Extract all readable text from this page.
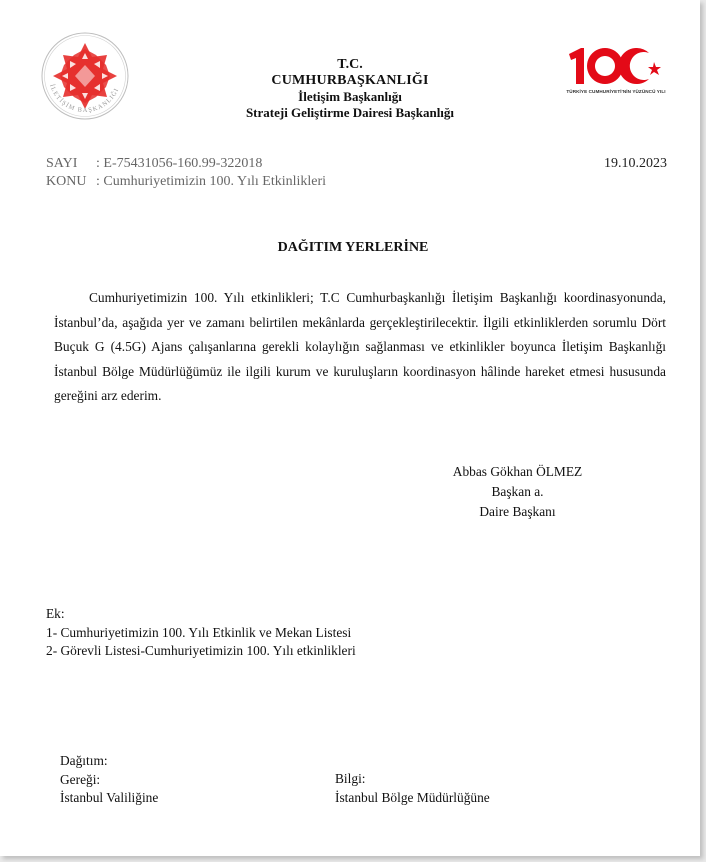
İLETİŞİM BAŞKANLIĞI
T.C.
CUMHURBAŞKANLIĞI
İletişim Başkanlığı
Strateji Geliştirme Dairesi Başkanlığı
TÜRKİYE CUMHURİYETİ'NİN YÜZÜNCÜ YILI
SAYI : E-75431056-160.99-322018
KONU : Cumhuriyetimizin 100. Yılı Etkinlikleri
19.10.2023
DAĞITIM YERLERİNE

Cumhuriyetimizin 100. Yılı etkinlikleri; T.C Cumhurbaşkanlığı İletişim Başkanlığı koordinasyonunda, İstanbul’da, aşağıda yer ve zamanı belirtilen mekânlarda gerçekleştirilecektir. İlgili etkinliklerden sorumlu Dört Buçuk G (4.5G) Ajans çalışanlarına gerekli kolaylığın sağlanması ve etkinlikler boyunca İletişim Başkanlığı İstanbul Bölge Müdürlüğümüz ile ilgili kurum ve kuruluşların koordinasyon hâlinde hareket etmesi hususunda gereğini arz ederim.

Abbas Gökhan ÖLMEZ
Başkan a.
Daire Başkanı
Ek:
1- Cumhuriyetimizin 100. Yılı Etkinlik ve Mekan Listesi
2- Görevli Listesi-Cumhuriyetimizin 100. Yılı etkinlikleri
Dağıtım:
Gereği:
İstanbul Valiliğine
Bilgi:
İstanbul Bölge Müdürlüğüne
